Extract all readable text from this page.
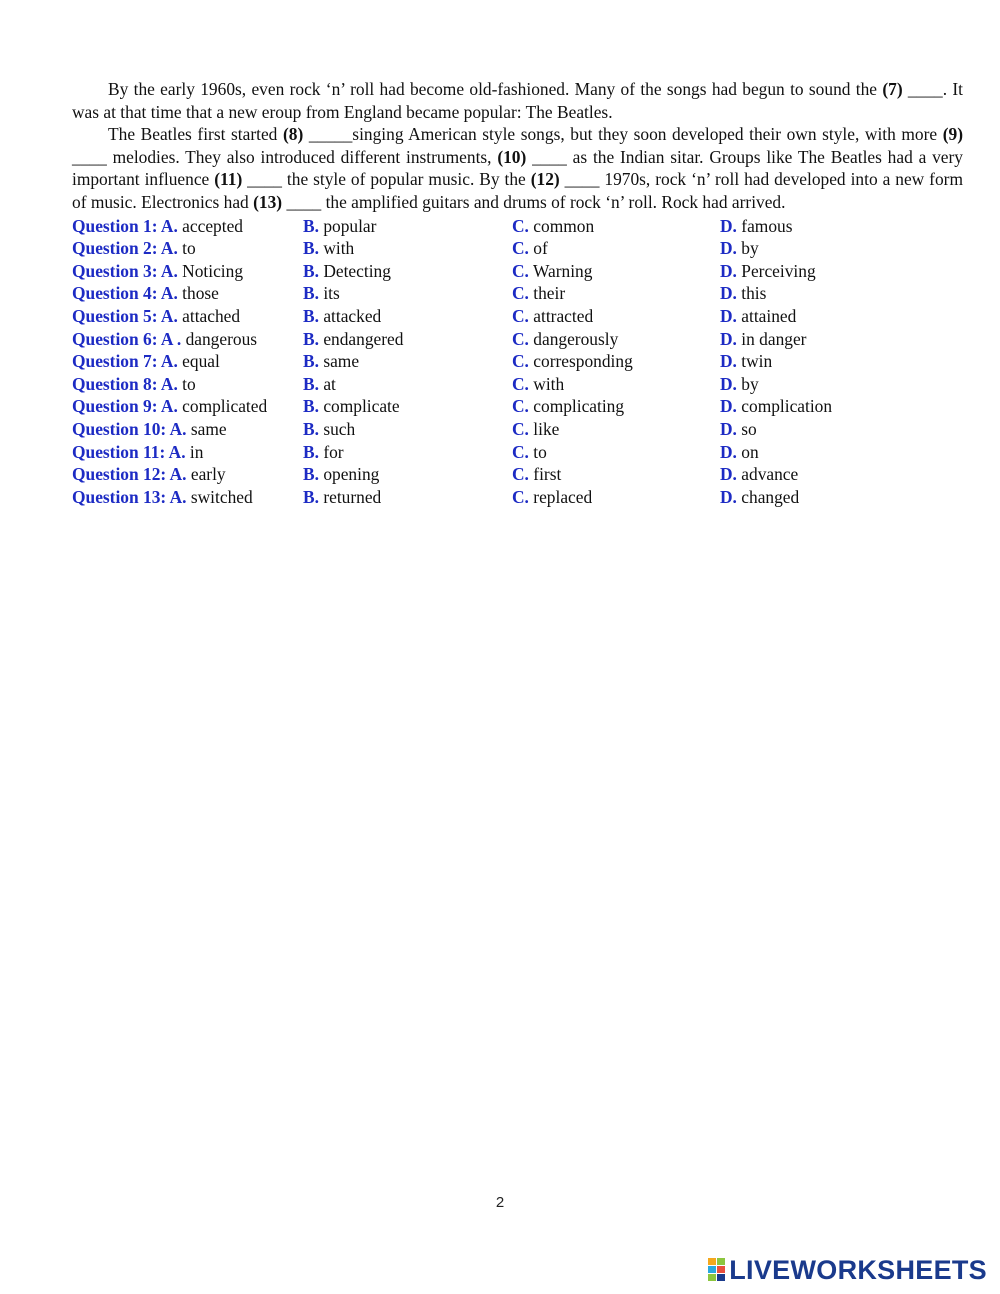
By the early 1960s, even rock ‘n’ roll had become old-fashioned. Many of the songs had begun to sound the (7) ____. It was at that time that a new eroup from England became popular: The Beatles.

The Beatles first started (8) _____singing American style songs, but they soon developed their own style, with more (9) ____ melodies. They also introduced different instruments, (10) ____ as the Indian sitar. Groups like The Beatles had a very important influence (11) ____ the style of popular music. By the (12) ____ 1970s, rock ‘n’ roll had developed into a new form of music. Electronics had (13) ____ the amplified guitars and drums of rock ‘n’ roll. Rock had arrived.

Question 1: A. accepted	B. popular	C. common	D. famous
Question 2: A. to	B. with	C. of	D. by
Question 3: A. Noticing	B. Detecting	C. Warning	D. Perceiving
Question 4: A. those	B. its	C. their	D. this
Question 5: A. attached	B. attacked	C. attracted	D. attained
Question 6: A . dangerous	B. endangered	C. dangerously	D. in danger
Question 7: A. equal	B. same	C. corresponding	D. twin
Question 8: A. to	B. at	C. with	D. by
Question 9: A. complicated B. complicate	C. complicating	D. complication
Question 10: A. same	B. such	C. like	D. so
Question 11: A. in	B. for	C. to	D. on
Question 12: A. early	B. opening	C. first	D. advance
Question 13: A. switched	B. returned	C. replaced	D. changed
2
LIVEWORKSHEETS
